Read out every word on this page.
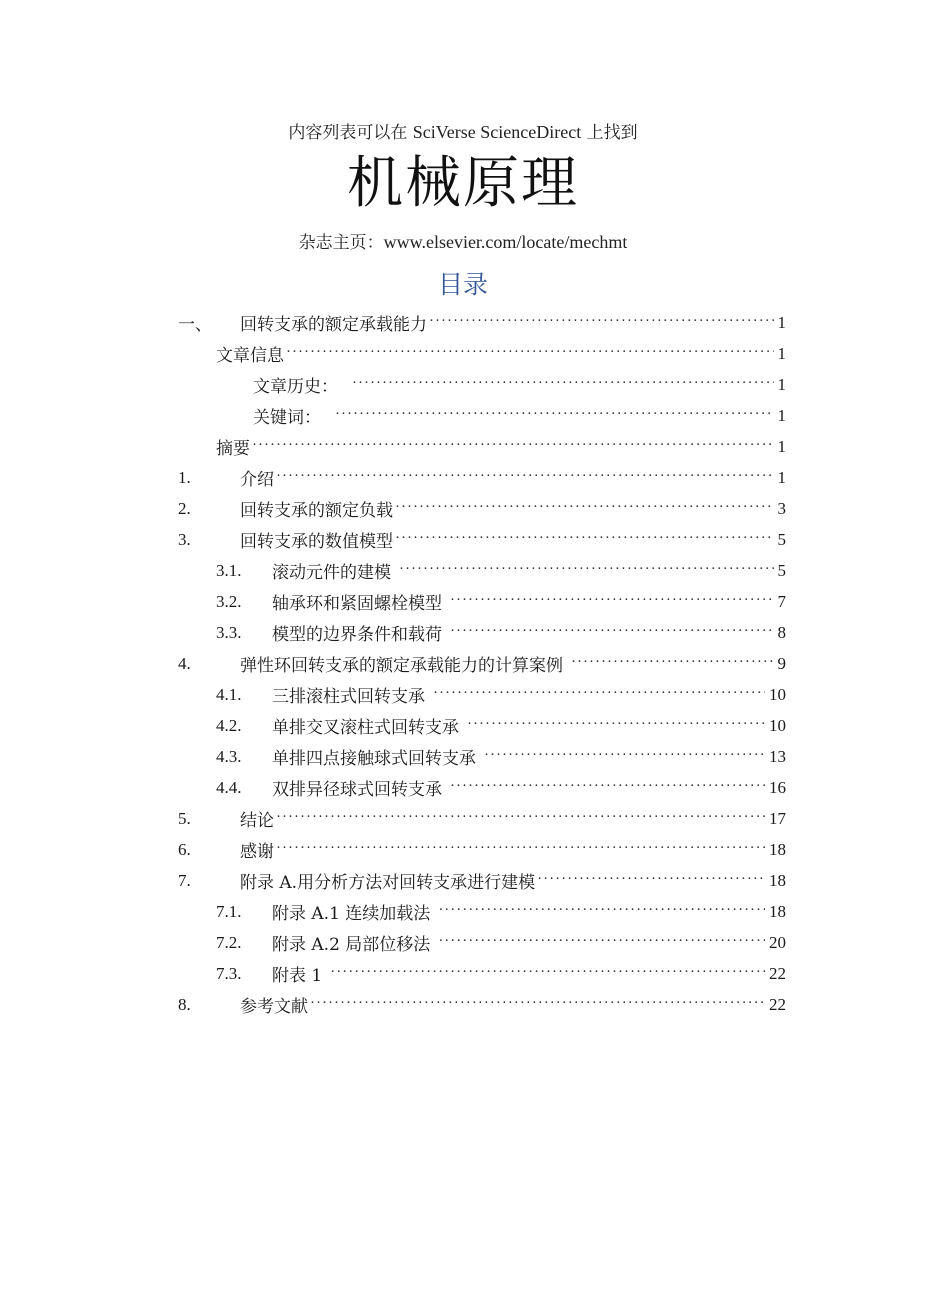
内容列表可以在 SciVerse ScienceDirect 上找到
机械原理
杂志主页：www.elsevier.com/locate/mechmt
目录
一、	回转支承的额定承载能力 ·····	1
文章信息 ·····	1
文章历史： ·····	1
关键词： ·····	1
摘要 ·····	1
1.	介绍 ·····	1
2.	回转支承的额定负载 ·····	3
3.	回转支承的数值模型 ·····	5
3.1.	滚动元件的建模 ·····	5
3.2.	轴承环和紧固螺栓模型 ·····	7
3.3.	模型的边界条件和载荷 ·····	8
4.	弹性环回转支承的额定承载能力的计算案例 ·····	9
4.1.	三排滚柱式回转支承 ·····	10
4.2.	单排交叉滚柱式回转支承 ·····	10
4.3.	单排四点接触球式回转支承 ·····	13
4.4.	双排异径球式回转支承 ·····	16
5.	结论 ·····	17
6.	感谢 ·····	18
7.	附录 A.用分析方法对回转支承进行建模 ·····	18
7.1.	附录 A.1 连续加载法 ·····	18
7.2.	附录 A.2 局部位移法 ·····	20
7.3.	附表 1 ·····	22
8.	参考文献 ·····	22
